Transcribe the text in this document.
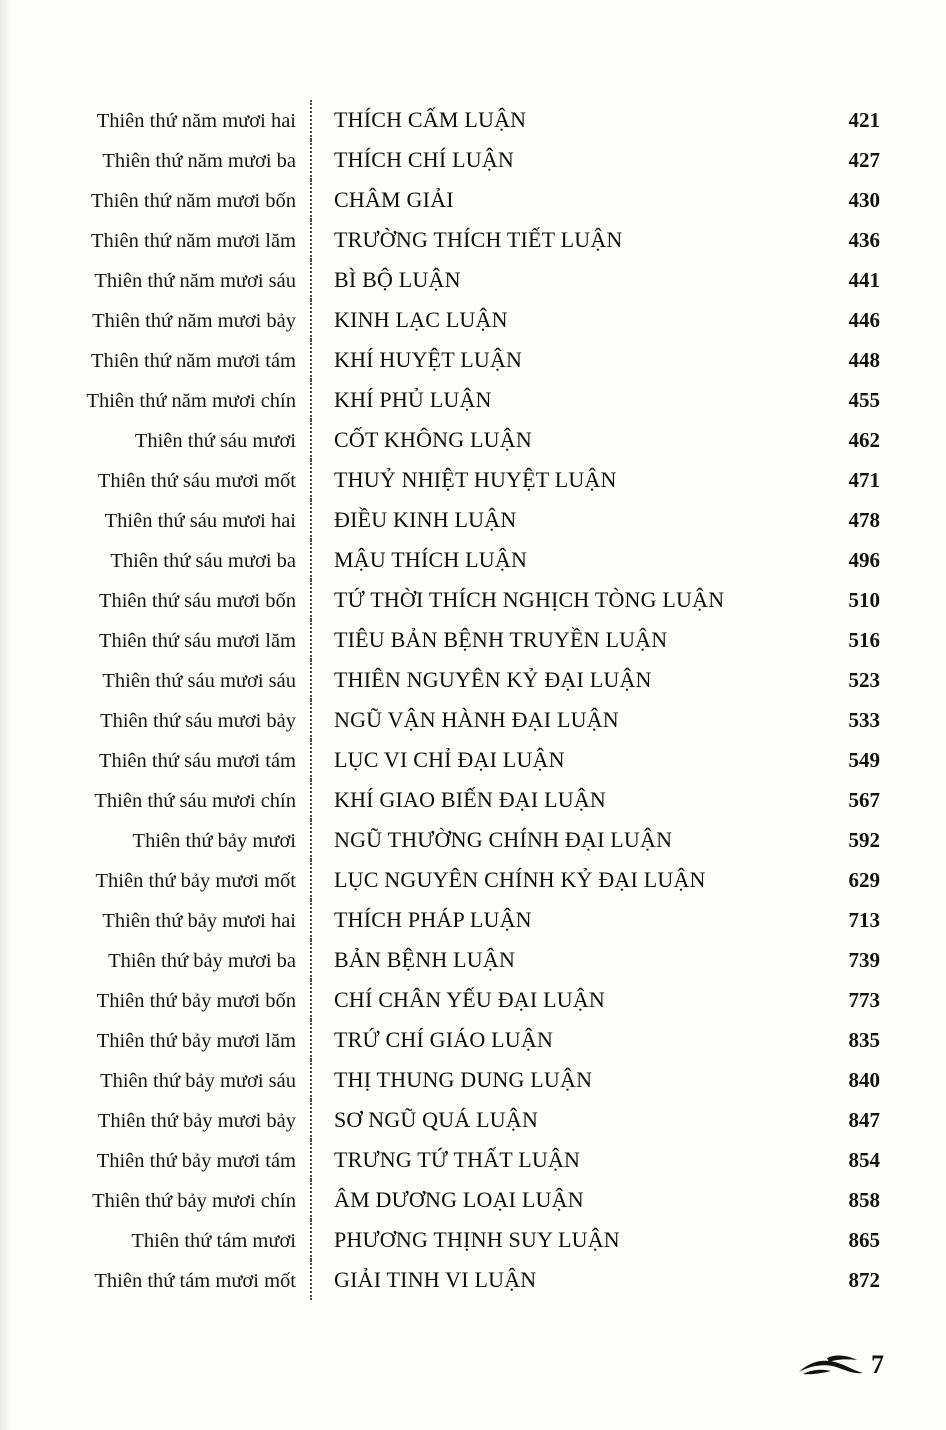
Thiên thứ năm mươi hai	THÍCH CẤM LUẬN	421
Thiên thứ năm mươi ba	THÍCH CHÍ LUẬN	427
Thiên thứ năm mươi bốn	CHÂM GIẢI	430
Thiên thứ năm mươi lăm	TRƯỜNG THÍCH TIẾT LUẬN	436
Thiên thứ năm mươi sáu	BÌ BỘ LUẬN	441
Thiên thứ năm mươi bảy	KINH LẠC LUẬN	446
Thiên thứ năm mươi tám	KHÍ HUYỆT LUẬN	448
Thiên thứ năm mươi chín	KHÍ PHỦ LUẬN	455
Thiên thứ sáu mươi	CỐT KHÔNG LUẬN	462
Thiên thứ sáu mươi mốt	THUỶ NHIỆT HUYỆT LUẬN	471
Thiên thứ sáu mươi hai	ĐIỀU KINH LUẬN	478
Thiên thứ sáu mươi ba	MẬU THÍCH LUẬN	496
Thiên thứ sáu mươi bốn	TỨ THỜI THÍCH NGHỊCH TÒNG LUẬN	510
Thiên thứ sáu mươi lăm	TIÊU BẢN BỆNH TRUYỀN LUẬN	516
Thiên thứ sáu mươi sáu	THIÊN NGUYÊN KỶ ĐẠI LUẬN	523
Thiên thứ sáu mươi bảy	NGŨ VẬN HÀNH ĐẠI LUẬN	533
Thiên thứ sáu mươi tám	LỤC VI CHỈ ĐẠI LUẬN	549
Thiên thứ sáu mươi chín	KHÍ GIAO BIẾN ĐẠI LUẬN	567
Thiên thứ bảy mươi	NGŨ THƯỜNG CHÍNH ĐẠI LUẬN	592
Thiên thứ bảy mươi mốt	LỤC NGUYÊN CHÍNH KỶ ĐẠI LUẬN	629
Thiên thứ bảy mươi hai	THÍCH PHÁP LUẬN	713
Thiên thứ bảy mươi ba	BẢN BỆNH LUẬN	739
Thiên thứ bảy mươi bốn	CHÍ CHÂN YẾU ĐẠI LUẬN	773
Thiên thứ bảy mươi lăm	TRỨ CHÍ GIÁO LUẬN	835
Thiên thứ bảy mươi sáu	THỊ THUNG DUNG LUẬN	840
Thiên thứ bảy mươi bảy	SƠ NGŨ QUÁ LUẬN	847
Thiên thứ bảy mươi tám	TRƯNG TỨ THẤT LUẬN	854
Thiên thứ bảy mươi chín	ÂM DƯƠNG LOẠI LUẬN	858
Thiên thứ tám mươi	PHƯƠNG THỊNH SUY LUẬN	865
Thiên thứ tám mươi mốt	GIẢI TINH VI LUẬN	872
7
